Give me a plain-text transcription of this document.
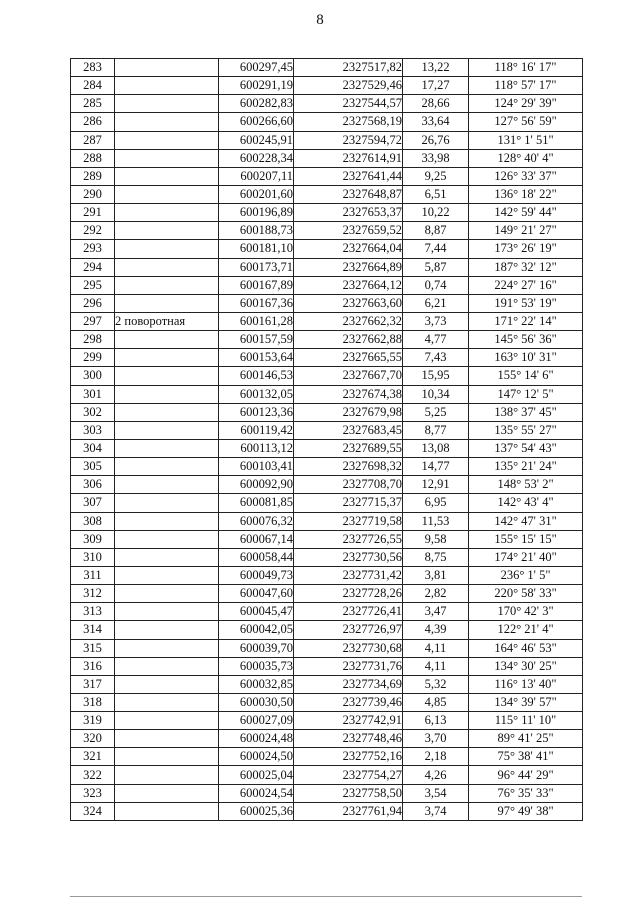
8
283		600297,45	2327517,82	13,22	118° 16' 17"
284		600291,19	2327529,46	17,27	118° 57' 17"
285		600282,83	2327544,57	28,66	124° 29' 39"
286		600266,60	2327568,19	33,64	127° 56' 59"
287		600245,91	2327594,72	26,76	131° 1' 51"
288		600228,34	2327614,91	33,98	128° 40' 4"
289		600207,11	2327641,44	9,25	126° 33' 37"
290		600201,60	2327648,87	6,51	136° 18' 22"
291		600196,89	2327653,37	10,22	142° 59' 44"
292		600188,73	2327659,52	8,87	149° 21' 27"
293		600181,10	2327664,04	7,44	173° 26' 19"
294		600173,71	2327664,89	5,87	187° 32' 12"
295		600167,89	2327664,12	0,74	224° 27' 16"
296		600167,36	2327663,60	6,21	191° 53' 19"
297	2 поворотная	600161,28	2327662,32	3,73	171° 22' 14"
298		600157,59	2327662,88	4,77	145° 56' 36"
299		600153,64	2327665,55	7,43	163° 10' 31"
300		600146,53	2327667,70	15,95	155° 14' 6"
301		600132,05	2327674,38	10,34	147° 12' 5"
302		600123,36	2327679,98	5,25	138° 37' 45"
303		600119,42	2327683,45	8,77	135° 55' 27"
304		600113,12	2327689,55	13,08	137° 54' 43"
305		600103,41	2327698,32	14,77	135° 21' 24"
306		600092,90	2327708,70	12,91	148° 53' 2"
307		600081,85	2327715,37	6,95	142° 43' 4"
308		600076,32	2327719,58	11,53	142° 47' 31"
309		600067,14	2327726,55	9,58	155° 15' 15"
310		600058,44	2327730,56	8,75	174° 21' 40"
311		600049,73	2327731,42	3,81	236° 1' 5"
312		600047,60	2327728,26	2,82	220° 58' 33"
313		600045,47	2327726,41	3,47	170° 42' 3"
314		600042,05	2327726,97	4,39	122° 21' 4"
315		600039,70	2327730,68	4,11	164° 46' 53"
316		600035,73	2327731,76	4,11	134° 30' 25"
317		600032,85	2327734,69	5,32	116° 13' 40"
318		600030,50	2327739,46	4,85	134° 39' 57"
319		600027,09	2327742,91	6,13	115° 11' 10"
320		600024,48	2327748,46	3,70	89° 41' 25"
321		600024,50	2327752,16	2,18	75° 38' 41"
322		600025,04	2327754,27	4,26	96° 44' 29"
323		600024,54	2327758,50	3,54	76° 35' 33"
324		600025,36	2327761,94	3,74	97° 49' 38"
